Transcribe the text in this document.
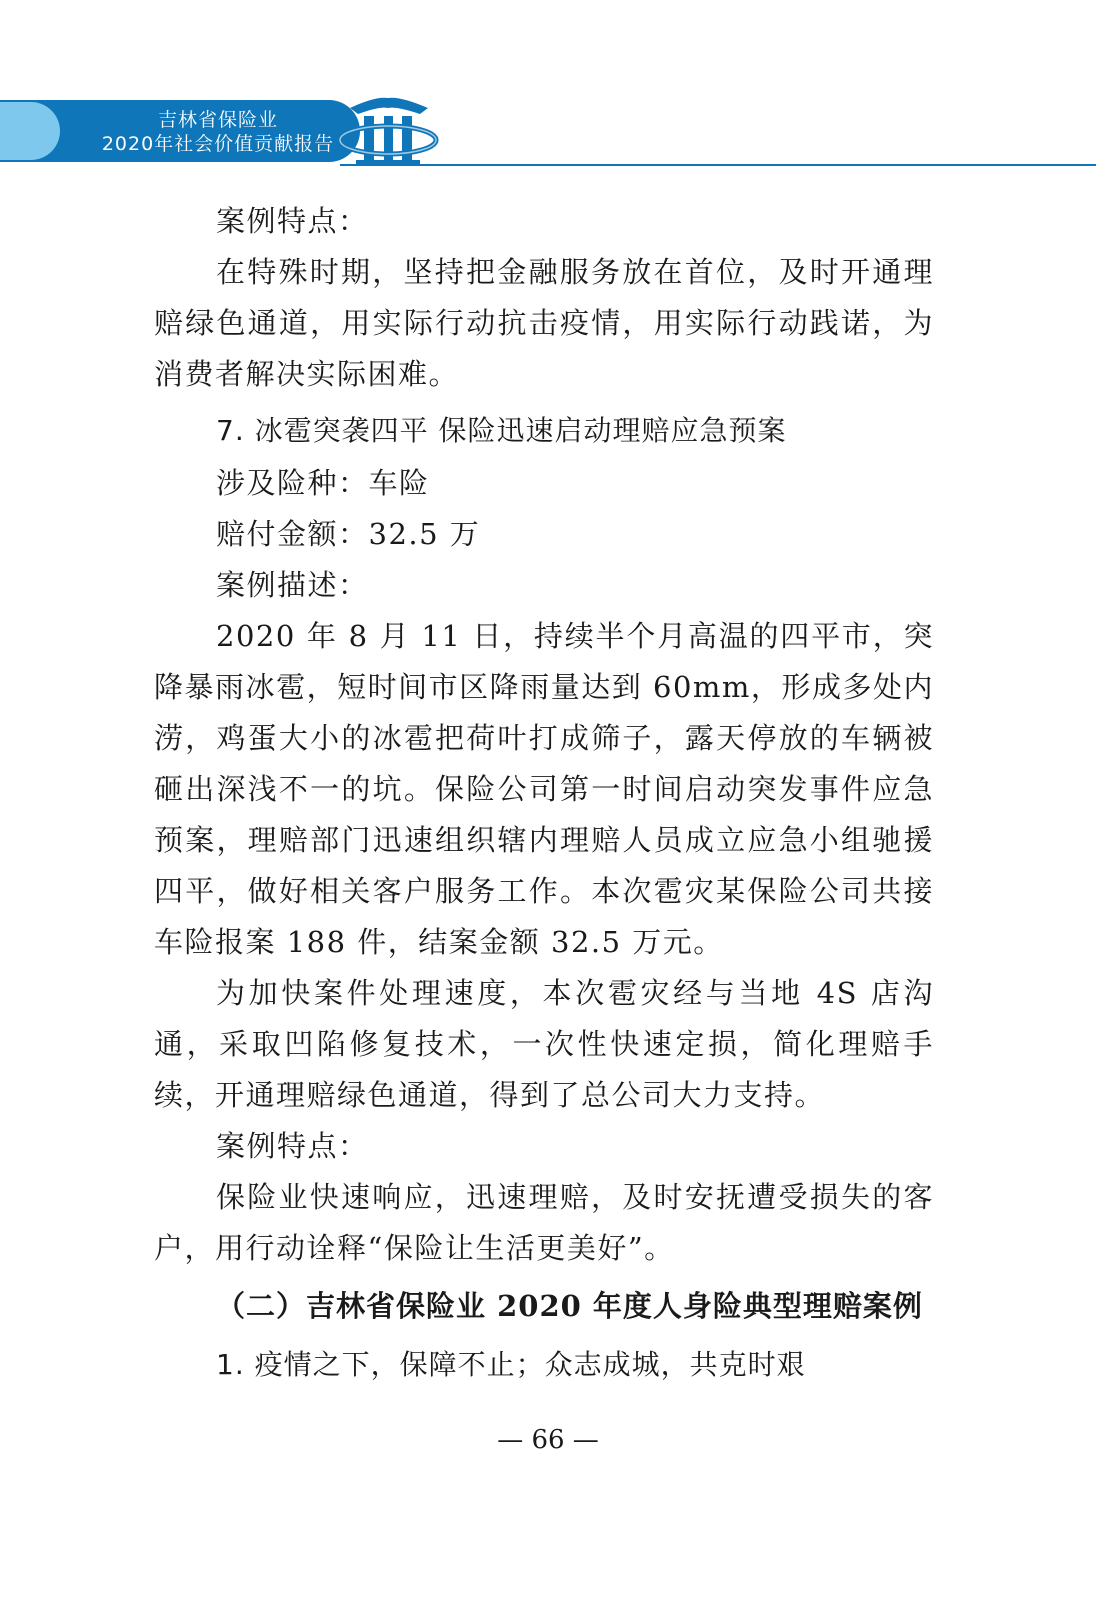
吉林省保险业
2020年社会价值贡献报告

案例特点：

在特殊时期，坚持把金融服务放在首位，及时开通理赔绿色通道，用实际行动抗击疫情，用实际行动践诺，为消费者解决实际困难。

7. 冰雹突袭四平 保险迅速启动理赔应急预案

涉及险种：车险

赔付金额：32.5 万

案例描述：

2020 年 8 月 11 日，持续半个月高温的四平市，突降暴雨冰雹，短时间市区降雨量达到 60mm，形成多处内涝，鸡蛋大小的冰雹把荷叶打成筛子，露天停放的车辆被砸出深浅不一的坑。保险公司第一时间启动突发事件应急预案，理赔部门迅速组织辖内理赔人员成立应急小组驰援四平，做好相关客户服务工作。本次雹灾某保险公司共接车险报案 188 件，结案金额 32.5 万元。

为加快案件处理速度，本次雹灾经与当地 4S 店沟通，采取凹陷修复技术，一次性快速定损，简化理赔手续，开通理赔绿色通道，得到了总公司大力支持。

案例特点：

保险业快速响应，迅速理赔，及时安抚遭受损失的客户，用行动诠释“保险让生活更美好”。

（二）吉林省保险业 2020 年度人身险典型理赔案例

1. 疫情之下，保障不止；众志成城，共克时艰

— 66 —
